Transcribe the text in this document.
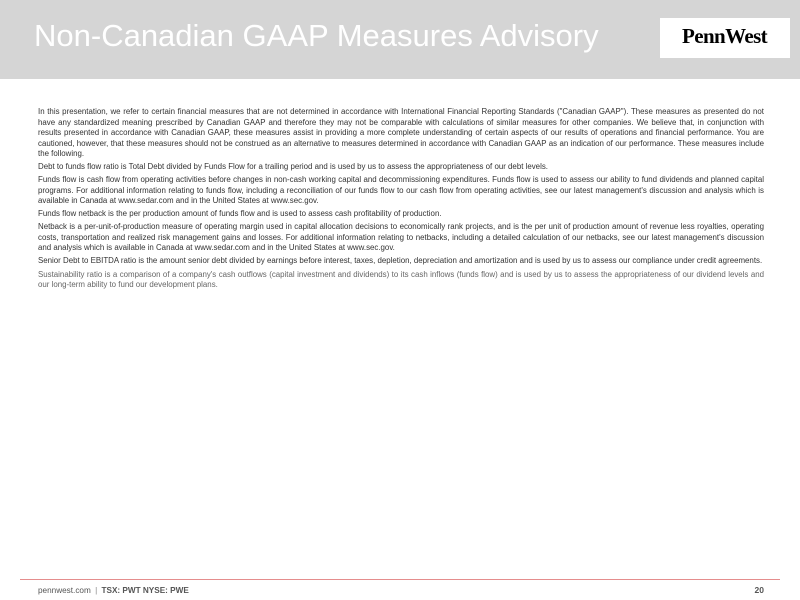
Non-Canadian GAAP Measures Advisory	PennWest

In this presentation, we refer to certain financial measures that are not determined in accordance with International Financial Reporting Standards ("Canadian GAAP"). These measures as presented do not have any standardized meaning prescribed by Canadian GAAP and therefore they may not be comparable with calculations of similar measures for other companies. We believe that, in conjunction with results presented in accordance with Canadian GAAP, these measures assist in providing a more complete understanding of certain aspects of our results of operations and financial performance. You are cautioned, however, that these measures should not be construed as an alternative to measures determined in accordance with Canadian GAAP as an indication of our performance. These measures include the following.

Debt to funds flow ratio is Total Debt divided by Funds Flow for a trailing period and is used by us to assess the appropriateness of our debt levels.

Funds flow is cash flow from operating activities before changes in non-cash working capital and decommissioning expenditures. Funds flow is used to assess our ability to fund dividends and planned capital programs. For additional information relating to funds flow, including a reconciliation of our funds flow to our cash flow from operating activities, see our latest management's discussion and analysis which is available in Canada at www.sedar.com and in the United States at www.sec.gov.

Funds flow netback is the per production amount of funds flow and is used to assess cash profitability of production.

Netback is a per-unit-of-production measure of operating margin used in capital allocation decisions to economically rank projects, and is the per unit of production amount of revenue less royalties, operating costs, transportation and realized risk management gains and losses. For additional information relating to netbacks, including a detailed calculation of our netbacks, see our latest management's discussion and analysis which is available in Canada at www.sedar.com and in the United States at www.sec.gov.

Senior Debt to EBITDA ratio is the amount senior debt divided by earnings before interest, taxes, depletion, depreciation and amortization and is used by us to assess our compliance under credit agreements.

Sustainability ratio is a comparison of a company's cash outflows (capital investment and dividends) to its cash inflows (funds flow) and is used by us to assess the appropriateness of our dividend levels and our long-term ability to fund our development plans.

pennwest.com | TSX: PWT NYSE: PWE	20
